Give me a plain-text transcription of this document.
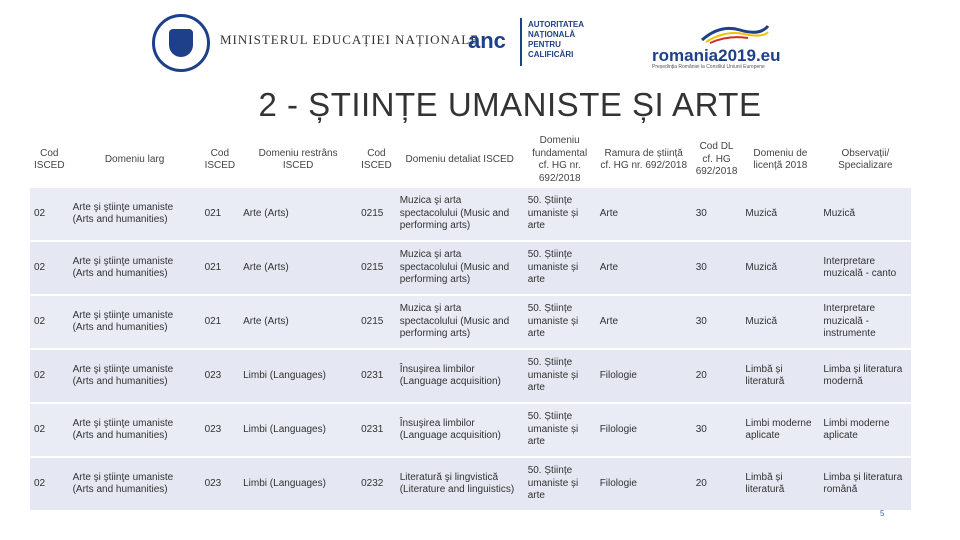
MINISTERUL EDUCAȚIEI NAȚIONALE
anc
AUTORITATEA NAȚIONALĂ PENTRU CALIFICĂRI	romania2019.eu
Președinția României la Consiliul Uniunii Europene
2 - ȘTIINȚE UMANISTE ȘI ARTE
Cod ISCED	Domeniu larg	Cod ISCED	Domeniu restrâns ISCED	Cod ISCED	Domeniu detaliat ISCED	Domeniu fundamental cf. HG nr. 692/2018	Ramura de știință cf. HG nr. 692/2018	Cod DL cf. HG 692/2018	Domeniu de licență 2018	Observații/ Specializare
02	Arte şi ştiinţe umaniste (Arts and humanities)	021	Arte (Arts)	0215	Muzica şi arta spectacolului (Music and performing arts)	50. Științe umaniste și arte	Arte	30	Muzică	Muzică
02	Arte şi ştiinţe umaniste (Arts and humanities)	021	Arte (Arts)	0215	Muzica şi arta spectacolului (Music and performing arts)	50. Științe umaniste și arte	Arte	30	Muzică	Interpretare muzicală - canto
02	Arte şi ştiinţe umaniste (Arts and humanities)	021	Arte (Arts)	0215	Muzica şi arta spectacolului (Music and performing arts)	50. Științe umaniste și arte	Arte	30	Muzică	Interpretare muzicală - instrumente
02	Arte şi ştiinţe umaniste (Arts and humanities)	023	Limbi (Languages)	0231	Însuşirea limbilor (Language acquisition)	50. Științe umaniste și arte	Filologie	20	Limbă și literatură	Limba și literatura modernă
02	Arte şi ştiinţe umaniste (Arts and humanities)	023	Limbi (Languages)	0231	Însuşirea limbilor (Language acquisition)	50. Științe umaniste și arte	Filologie	30	Limbi moderne aplicate	Limbi moderne aplicate
02	Arte şi ştiinţe umaniste (Arts and humanities)	023	Limbi (Languages)	0232	Literatură şi lingvistică (Literature and linguistics)	50. Științe umaniste și arte	Filologie	20	Limbă și literatură	Limba și literatura română
5
